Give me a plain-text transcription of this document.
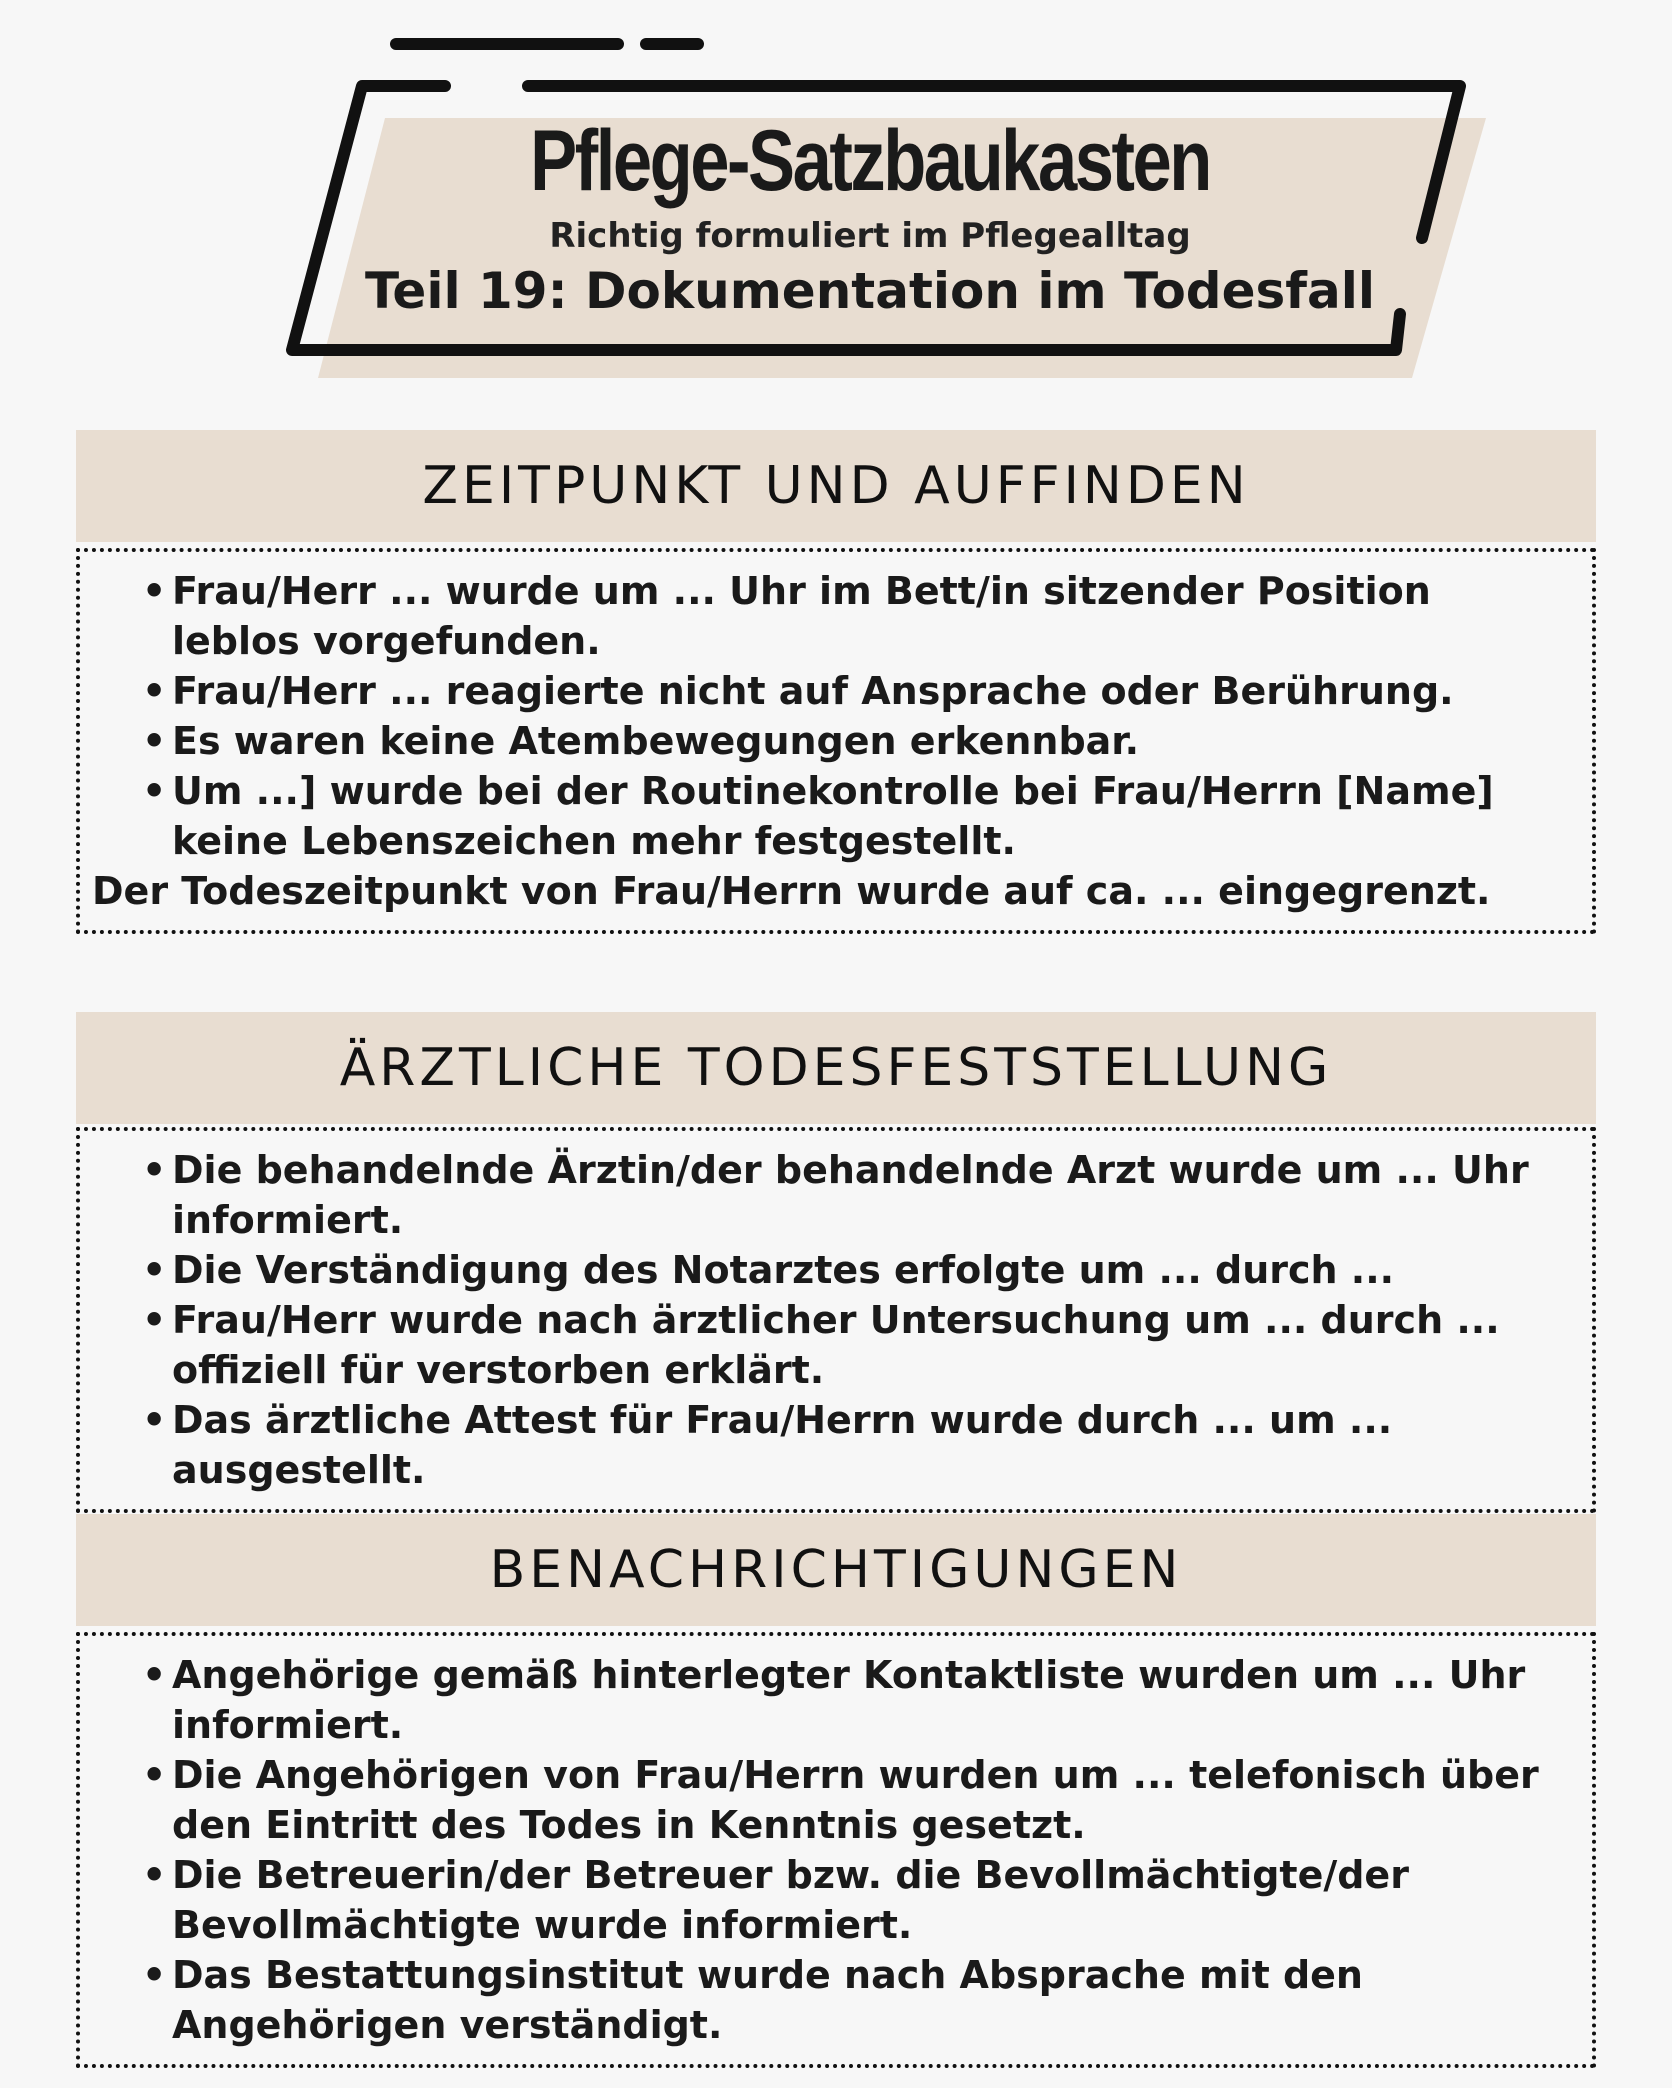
Pflege-Satzbaukasten
Richtig formuliert im Pflegealltag
Teil 19: Dokumentation im Todesfall
ZEITPUNKT UND AUFFINDEN
• Frau/Herr ... wurde um ... Uhr im Bett/in sitzender Position leblos vorgefunden.
• Frau/Herr ... reagierte nicht auf Ansprache oder Berührung.
• Es waren keine Atembewegungen erkennbar.
• Um ...] wurde bei der Routinekontrolle bei Frau/Herrn [Name] keine Lebenszeichen mehr festgestellt.

Der Todeszeitpunkt von Frau/Herrn wurde auf ca. ... eingegrenzt.

ÄRZTLICHE TODESFESTSTELLUNG
• Die behandelnde Ärztin/der behandelnde Arzt wurde um ... Uhr informiert.
• Die Verständigung des Notarztes erfolgte um ... durch ...
• Frau/Herr wurde nach ärztlicher Untersuchung um ... durch ... offiziell für verstorben erklärt.
• Das ärztliche Attest für Frau/Herrn wurde durch ... um ... ausgestellt.
BENACHRICHTIGUNGEN
• Angehörige gemäß hinterlegter Kontaktliste wurden um ... Uhr informiert.
• Die Angehörigen von Frau/Herrn wurden um ... telefonisch über den Eintritt des Todes in Kenntnis gesetzt.
• Die Betreuerin/der Betreuer bzw. die Bevollmächtigte/der Bevollmächtigte wurde informiert.
• Das Bestattungsinstitut wurde nach Absprache mit den Angehörigen verständigt.
